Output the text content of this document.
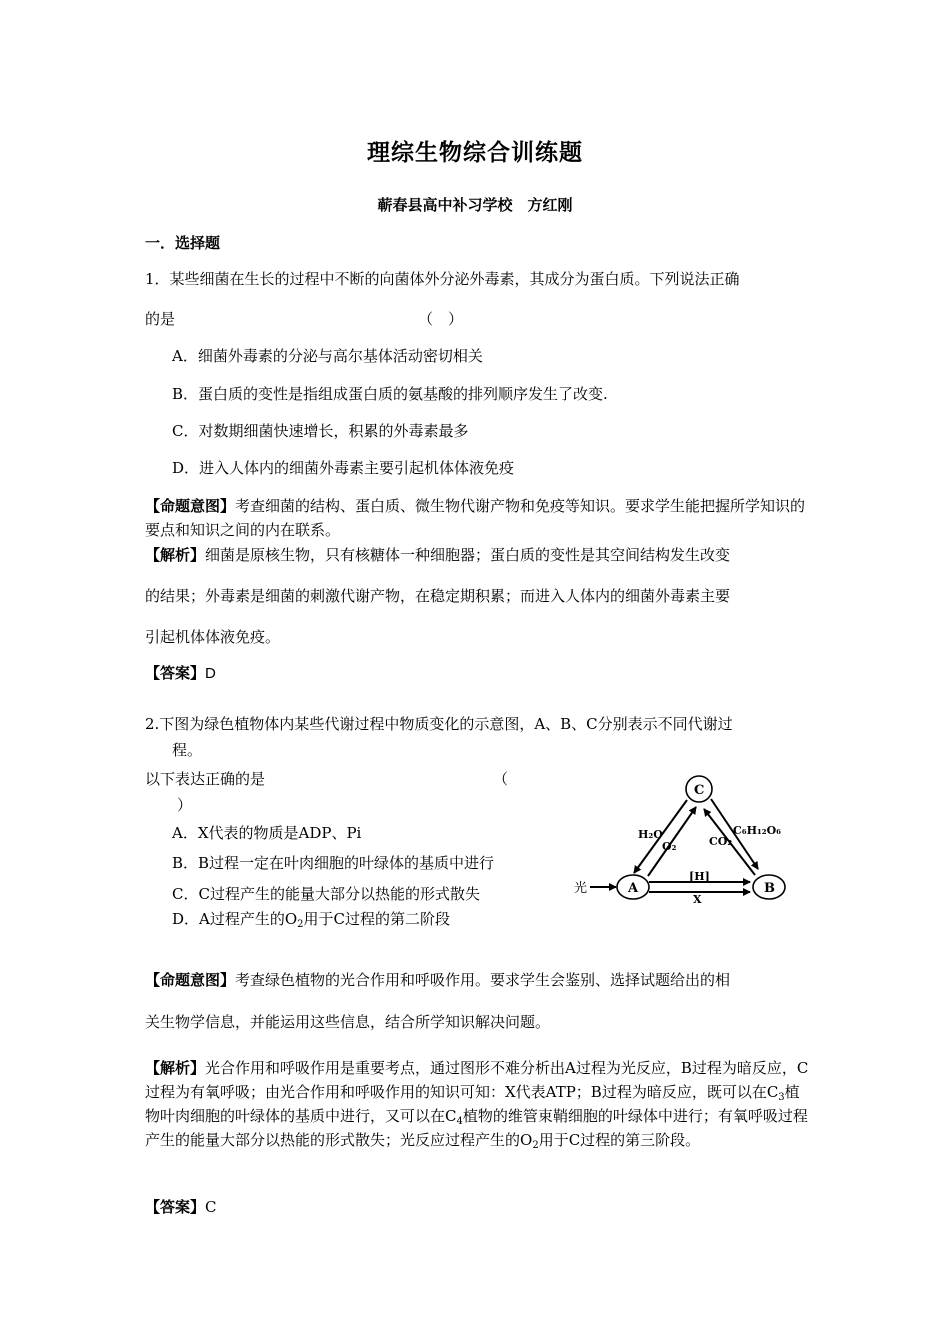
理综生物综合训练题
蕲春县高中补习学校　方红刚
一．选择题
1．某些细菌在生长的过程中不断的向菌体外分泌外毒素，其成分为蛋白质。下列说法正确
的是	（　）
A．细菌外毒素的分泌与高尔基体活动密切相关
B．蛋白质的变性是指组成蛋白质的氨基酸的排列顺序发生了改变.
C．对数期细菌快速增长，积累的外毒素最多
D．进入人体内的细菌外毒素主要引起机体体液免疫
【命题意图】考查细菌的结构、蛋白质、微生物代谢产物和免疫等知识。要求学生能把握所学知识的要点和知识之间的内在联系。
【解析】细菌是原核生物，只有核糖体一种细胞器；蛋白质的变性是其空间结构发生改变
的结果；外毒素是细菌的刺激代谢产物，在稳定期积累；而进入人体内的细菌外毒素主要
引起机体体液免疫。
【答案】D
2.下图为绿色植物体内某些代谢过程中物质变化的示意图，A、B、C分别表示不同代谢过
程。
以下表达正确的是	（
）
A．X代表的物质是ADP、Pi
B．B过程一定在叶肉细胞的叶绿体的基质中进行
C．C过程产生的能量大部分以热能的形式散失
D．A过程产生的$O_2$用于C过程的第二阶段
C
A	B
光
H₂O
O₂	CO₂
C₆H₁₂O₆
[H]
X
【命题意图】考查绿色植物的光合作用和呼吸作用。要求学生会鉴别、选择试题给出的相
关生物学信息，并能运用这些信息，结合所学知识解决问题。
【解析】光合作用和呼吸作用是重要考点，通过图形不难分析出A过程为光反应，B过程为暗反应，C过程为有氧呼吸；由光合作用和呼吸作用的知识可知：X代表ATP；B过程为暗反应，既可以在$C_3$植物叶肉细胞的叶绿体的基质中进行，又可以在$C_4$植物的维管束鞘细胞的叶绿体中进行；有氧呼吸过程产生的能量大部分以热能的形式散失；光反应过程产生的$O_2$用于C过程的第三阶段。
【答案】C
